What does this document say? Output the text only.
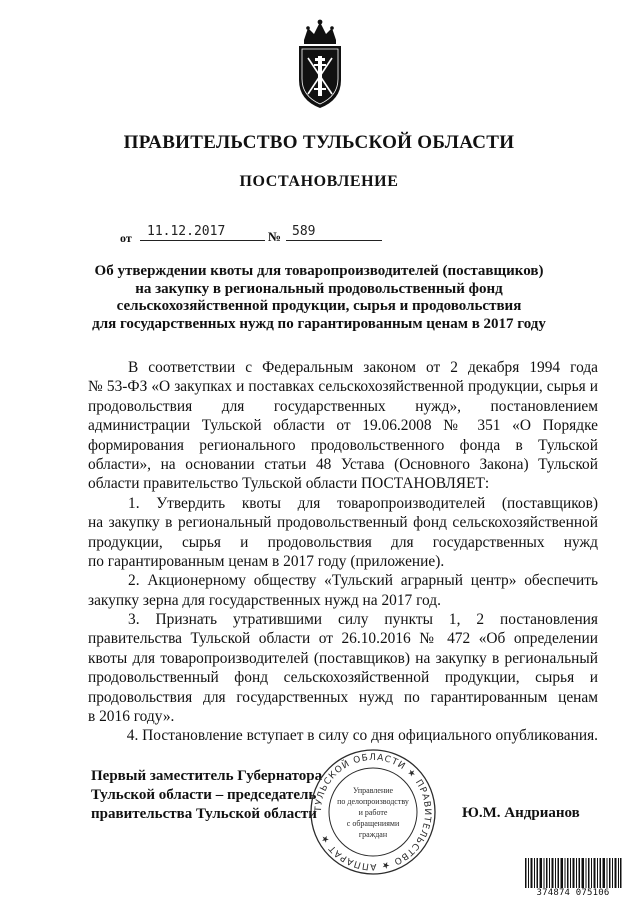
ПРАВИТЕЛЬСТВО ТУЛЬСКОЙ ОБЛАСТИ
ПОСТАНОВЛЕНИЕ
от 11.12.2017	№ 589
Об утверждении квоты для товаропроизводителей (поставщиков)
на закупку в региональный продовольственный фонд
сельскохозяйственной продукции, сырья и продовольствия
для государственных нужд по гарантированным ценам в 2017 году
В соответствии с Федеральным законом от 2 декабря 1994 года
№ 53-ФЗ «О закупках и поставках сельскохозяйственной продукции, сырья и
продовольствия для государственных нужд», постановлением
администрации Тульской области от 19.06.2008 № 351 «О Порядке
формирования регионального продовольственного фонда в Тульской
области», на основании статьи 48 Устава (Основного Закона) Тульской
области правительство Тульской области ПОСТАНОВЛЯЕТ:
1. Утвердить квоты для товаропроизводителей (поставщиков)
на закупку в региональный продовольственный фонд сельскохозяйственной
продукции, сырья и продовольствия для государственных нужд
по гарантированным ценам в 2017 году (приложение).
2. Акционерному обществу «Тульский аграрный центр» обеспечить
закупку зерна для государственных нужд на 2017 год.
3. Признать утратившими силу пункты 1, 2 постановления
правительства Тульской области от 26.10.2016 № 472 «Об определении
квоты для товаропроизводителей (поставщиков) на закупку в региональный
продовольственный фонд сельскохозяйственной продукции, сырья и
продовольствия для государственных нужд по гарантированным ценам
в 2016 году».
4. Постановление вступает в силу со дня официального опубликования.
Первый заместитель Губернатора
Тульской области – председатель
правительства Тульской области	Ю.М. Андрианов
ТУЛЬСКОЙ ОБЛАСТИ ★ ПРАВИТЕЛЬСТВО ★ АППАРАТ ★
Управление
по делопроизводству
и работе
с обращениями
граждан
374874 075106
